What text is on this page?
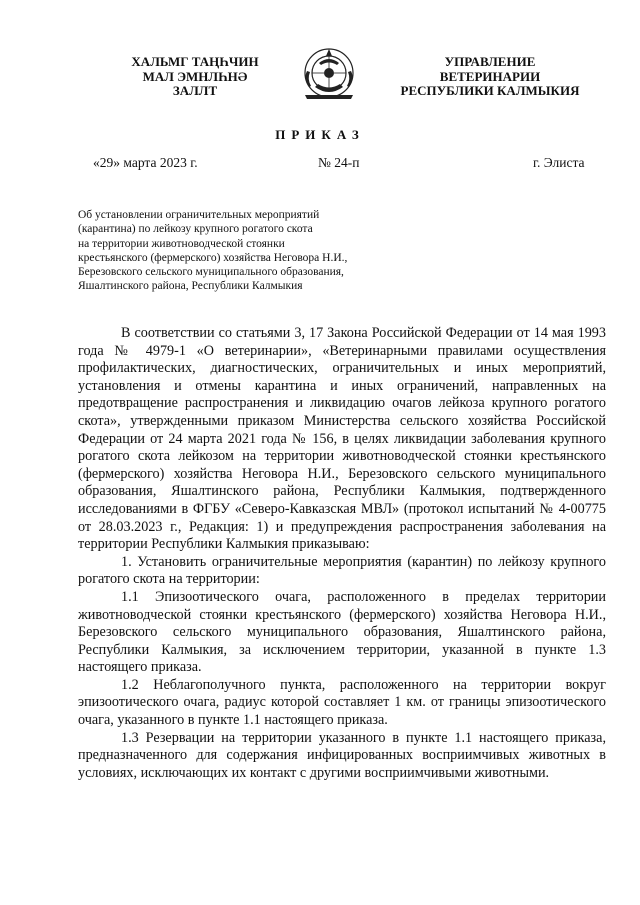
ХАЛЬМГ ТАҢҺЧИН
МАЛ ЭМНЛҺНӘ
ЗАЛЛТ
УПРАВЛЕНИЕ
ВЕТЕРИНАРИИ
РЕСПУБЛИКИ КАЛМЫКИЯ
ПРИКАЗ
«29» марта 2023 г.	№ 24-п	г. Элиста
Об установлении ограничительных мероприятий
(карантина) по лейкозу крупного рогатого скота
на территории животноводческой стоянки
крестьянского (фермерского) хозяйства Неговора Н.И.,
Березовского сельского муниципального образования,
Яшалтинского района, Республики Калмыкия

В соответствии со статьями 3, 17 Закона Российской Федерации от 14 мая 1993 года № 4979-1 «О ветеринарии», «Ветеринарными правилами осуществления профилактических, диагностических, ограничительных и иных мероприятий, установления и отмены карантина и иных ограничений, направленных на предотвращение распространения и ликвидацию очагов лейкоза крупного рогатого скота», утвержденными приказом Министерства сельского хозяйства Российской Федерации от 24 марта 2021 года № 156, в целях ликвидации заболевания крупного рогатого скота лейкозом на территории животноводческой стоянки крестьянского (фермерского) хозяйства Неговора Н.И., Березовского сельского муниципального образования, Яшалтинского района, Республики Калмыкия, подтвержденного исследованиями в ФГБУ «Северо-Кавказская МВЛ» (протокол испытаний № 4-00775 от 28.03.2023 г., Редакция: 1) и предупреждения распространения заболевания на территории Республики Калмыкия приказываю:

1. Установить ограничительные мероприятия (карантин) по лейкозу крупного рогатого скота на территории:

1.1 Эпизоотического очага, расположенного в пределах территории животноводческой стоянки крестьянского (фермерского) хозяйства Неговора Н.И., Березовского сельского муниципального образования, Яшалтинского района, Республики Калмыкия, за исключением территории, указанной в пункте 1.3 настоящего приказа.

1.2 Неблагополучного пункта, расположенного на территории вокруг эпизоотического очага, радиус которой составляет 1 км. от границы эпизоотического очага, указанного в пункте 1.1 настоящего приказа.

1.3 Резервации на территории указанного в пункте 1.1 настоящего приказа, предназначенного для содержания инфицированных восприимчивых животных в условиях, исключающих их контакт с другими восприимчивыми животными.
